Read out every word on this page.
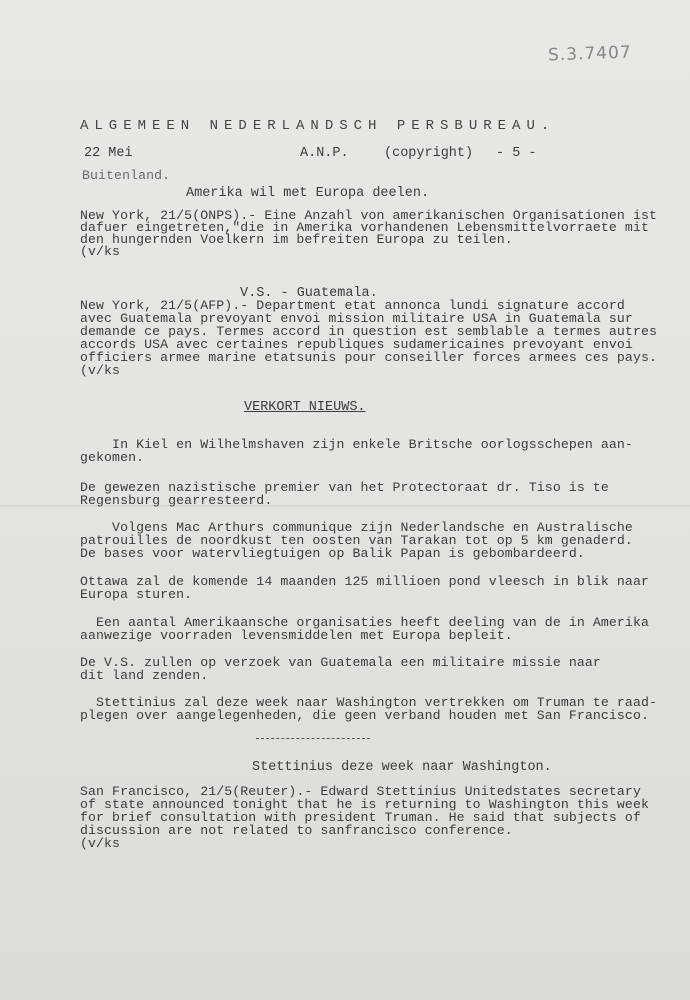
S.3.7407
ALGEMEEN NEDERLANDSCH PERSBUREAU.
22 Mei	A.N.P.	(copyright) - 5 -
Buitenland.
Amerika wil met Europa deelen.
New York, 21/5(ONPS).- Eine Anzahl von amerikanischen Organisationen ist
dafuer eingetreten,"die in Amerika vorhandenen Lebensmittelvorraete mit
den hungernden Voelkern im befreiten Europa zu teilen.
(v/ks
V.S. - Guatemala.
New York, 21/5(AFP).- Department etat annonca lundi signature accord
avec Guatemala prevoyant envoi mission militaire USA in Guatemala sur
demande ce pays. Termes accord in question est semblable a termes autres
accords USA avec certaines republiques sudamericaines prevoyant envoi
officiers armee marine etatsunis pour conseiller forces armees ces pays.
(v/ks
VERKORT NIEUWS.
In Kiel en Wilhelmshaven zijn enkele Britsche oorlogsschepen aan-
gekomen.
De gewezen nazistische premier van het Protectoraat dr. Tiso is te
Regensburg gearresteerd.
Volgens Mac Arthurs communique zijn Nederlandsche en Australische
patrouilles de noordkust ten oosten van Tarakan tot op 5 km genaderd.
De bases voor watervliegtuigen op Balik Papan is gebombardeerd.
Ottawa zal de komende 14 maanden 125 millioen pond vleesch in blik naar
Europa sturen.
Een aantal Amerikaansche organisaties heeft deeling van de in Amerika
aanwezige voorraden levensmiddelen met Europa bepleit.
De V.S. zullen op verzoek van Guatemala een militaire missie naar
dit land zenden.
Stettinius zal deze week naar Washington vertrekken om Truman te raad-
plegen over aangelegenheden, die geen verband houden met San Francisco.
Stettinius deze week naar Washington.
San Francisco, 21/5(Reuter).- Edward Stettinius Unitedstates secretary
of state announced tonight that he is returning to Washington this week
for brief consultation with president Truman. He said that subjects of
discussion are not related to sanfrancisco conference.
(v/ks
